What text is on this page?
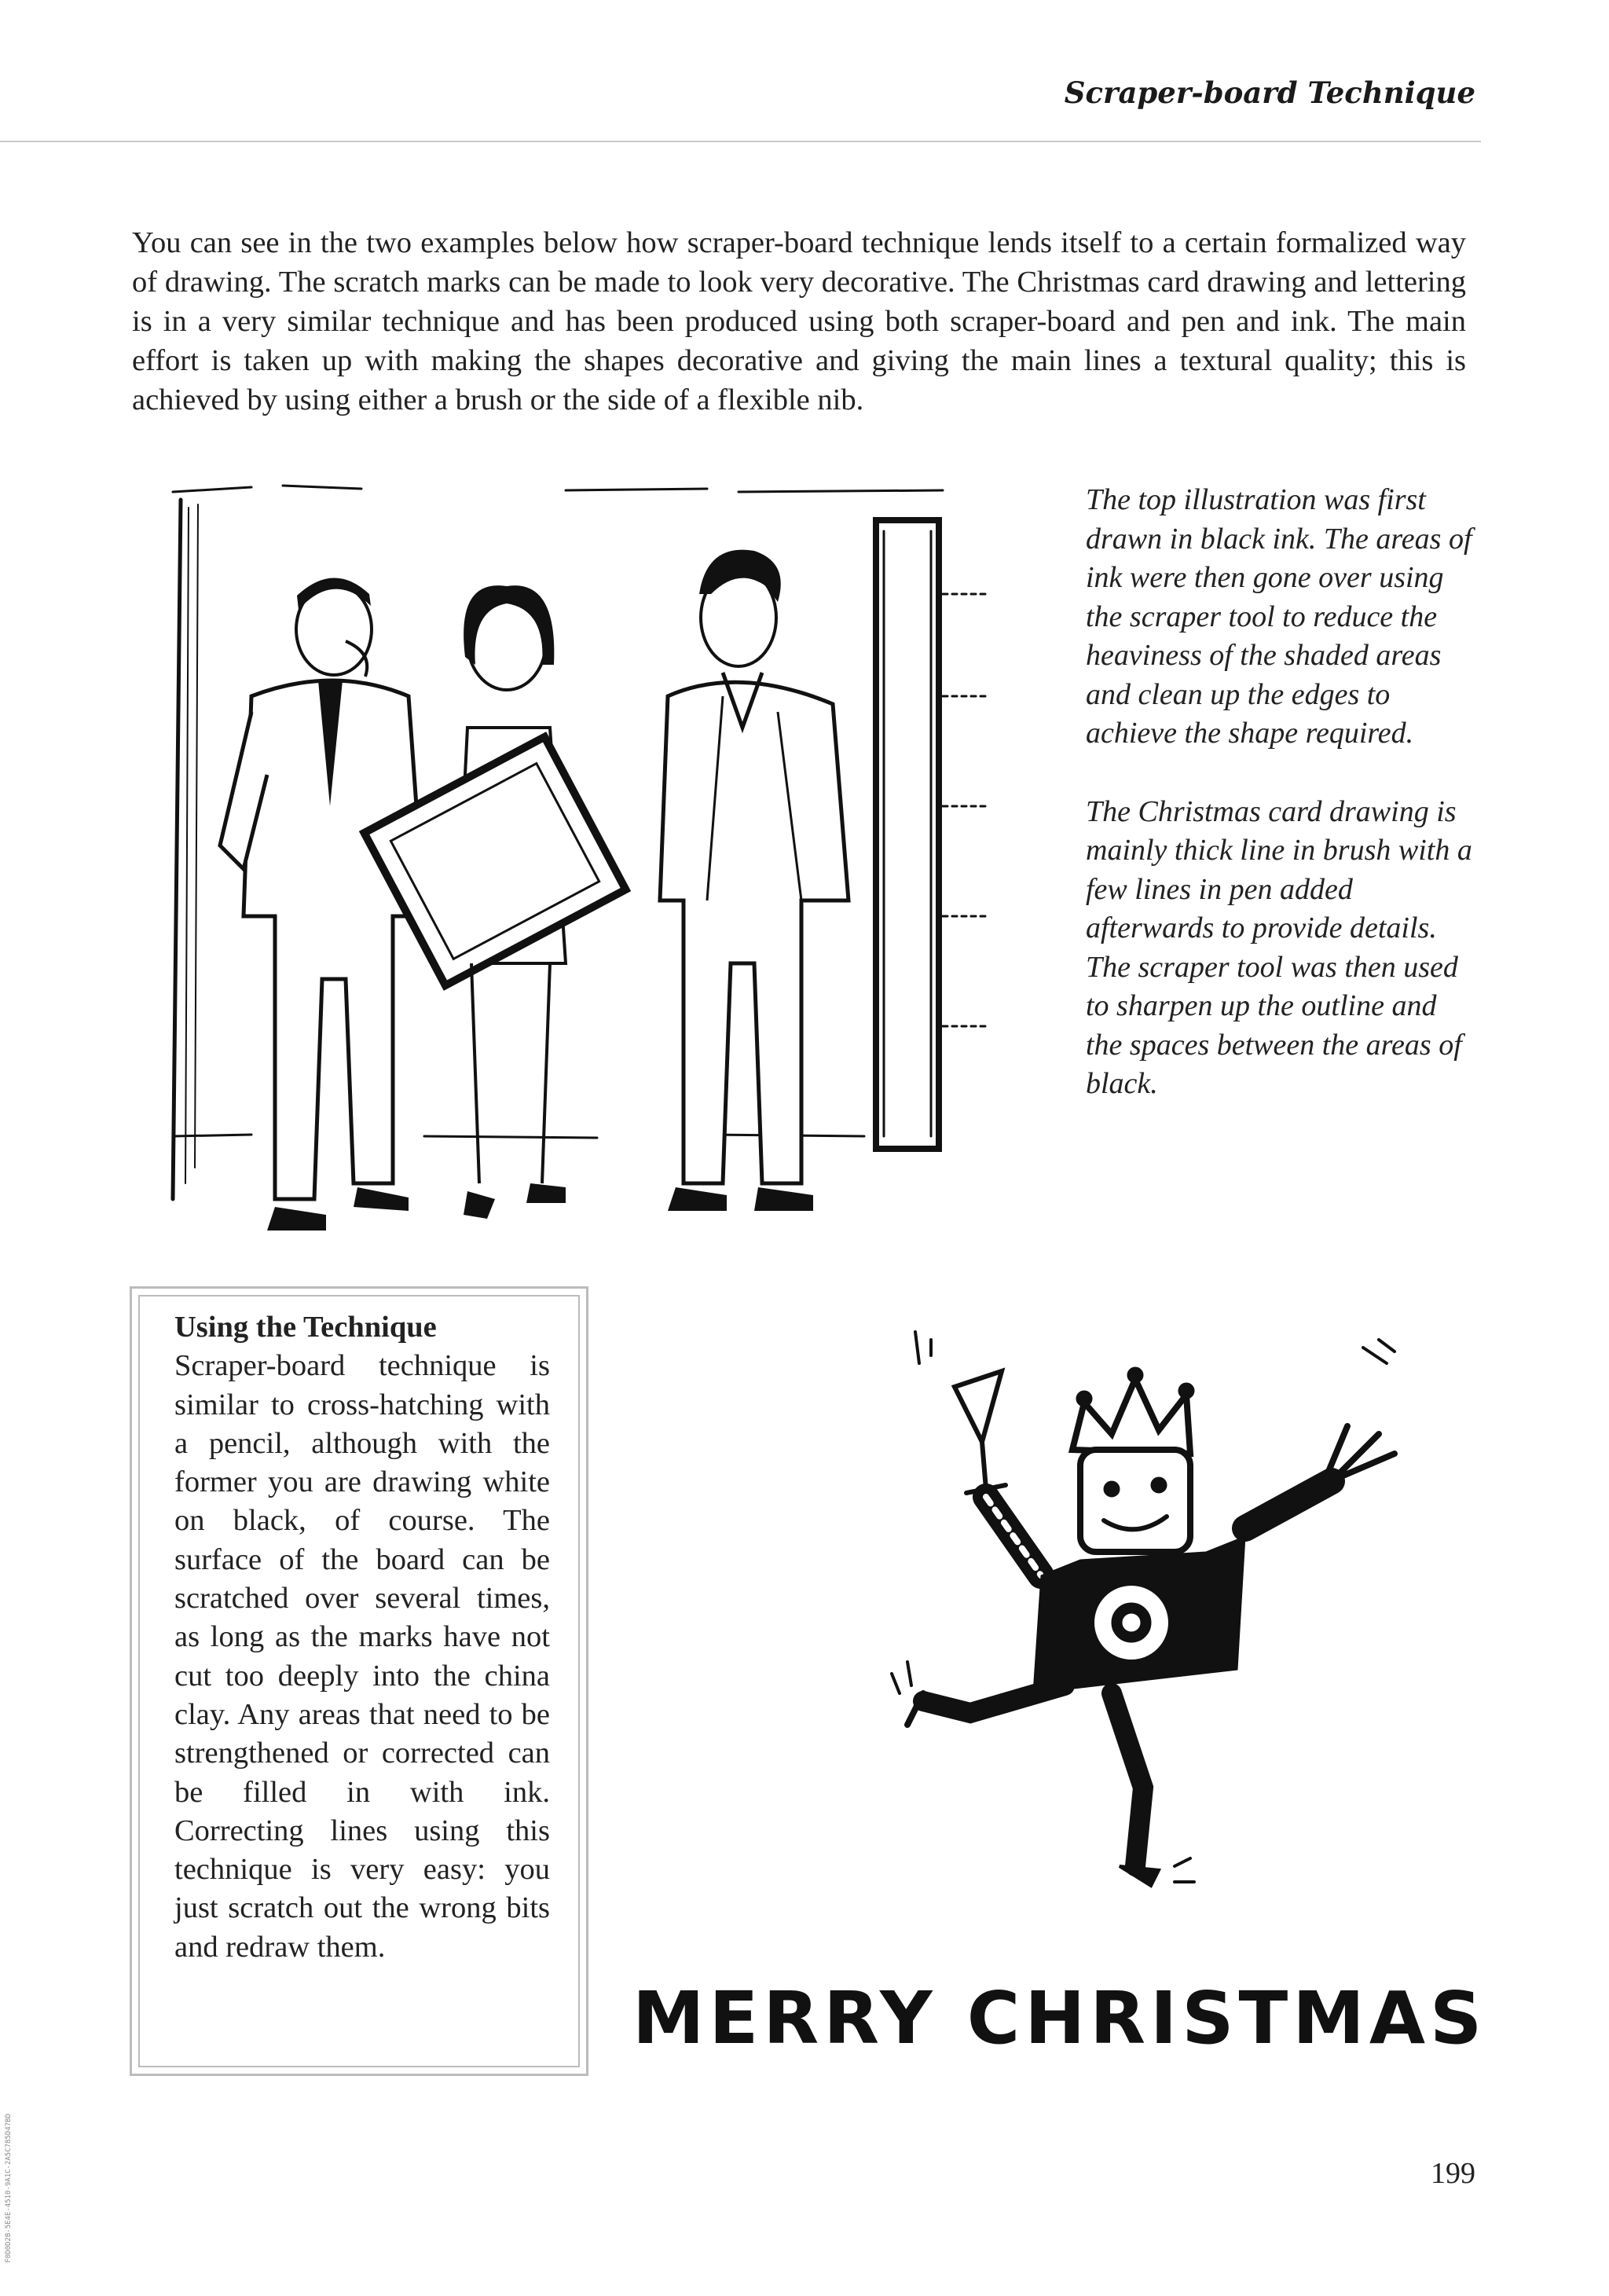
Scraper-board Technique
You can see in the two examples below how scraper-board technique lends itself to a certain formalized way of drawing. The scratch marks can be made to look very decorative. The Christmas card drawing and lettering is in a very similar technique and has been produced using both scraper-board and pen and ink. The main effort is taken up with making the shapes decorative and giving the main lines a textural quality; this is achieved by using either a brush or the side of a flexible nib.

The top illustration was first drawn in black ink. The areas of ink were then gone over using the scraper tool to reduce the heaviness of the shaded areas and clean up the edges to achieve the shape required.

The Christmas card drawing is mainly thick line in brush with a few lines in pen added afterwards to provide details. The scraper tool was then used to sharpen up the outline and the spaces between the areas of black.

Using the Technique
Scraper-board technique is similar to cross-hatching with a pencil, although with the former you are drawing white on black, of course. The surface of the board can be scratched over several times, as long as the marks have not cut too deeply into the china clay. Any areas that need to be strengthened or corrected can be filled in with ink. Correcting lines using this technique is very easy: you just scratch out the wrong bits and redraw them.
MERRY CHRISTMAS
199
F0D0D2B-5E4E-4510-9A1C-2A5C785D47BD
